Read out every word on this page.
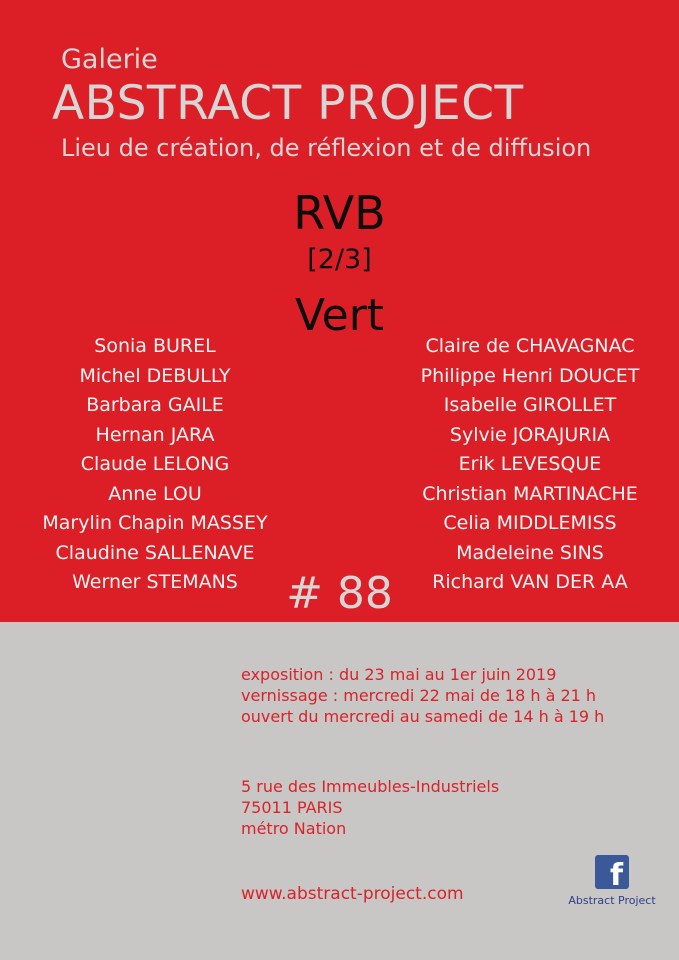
Galerie
ABSTRACT PROJECT
Lieu de création, de réflexion et de diffusion
RVB
[2/3]
Vert
Sonia BUREL
Michel DEBULLY
Barbara GAILE
Hernan JARA
Claude LELONG
Anne LOU
Marylin Chapin MASSEY
Claudine SALLENAVE
Werner STEMANS
Claire de CHAVAGNAC
Philippe Henri DOUCET
Isabelle GIROLLET
Sylvie JORAJURIA
Erik LEVESQUE
Christian MARTINACHE
Celia MIDDLEMISS
Madeleine SINS
Richard VAN DER AA
# 88
exposition : du 23 mai au 1er juin 2019
vernissage : mercredi 22 mai de 18 h à 21 h
ouvert du mercredi au samedi de 14 h à 19 h
5 rue des Immeubles-Industriels
75011 PARIS
métro Nation
www.abstract-project.com
f
Abstract Project
